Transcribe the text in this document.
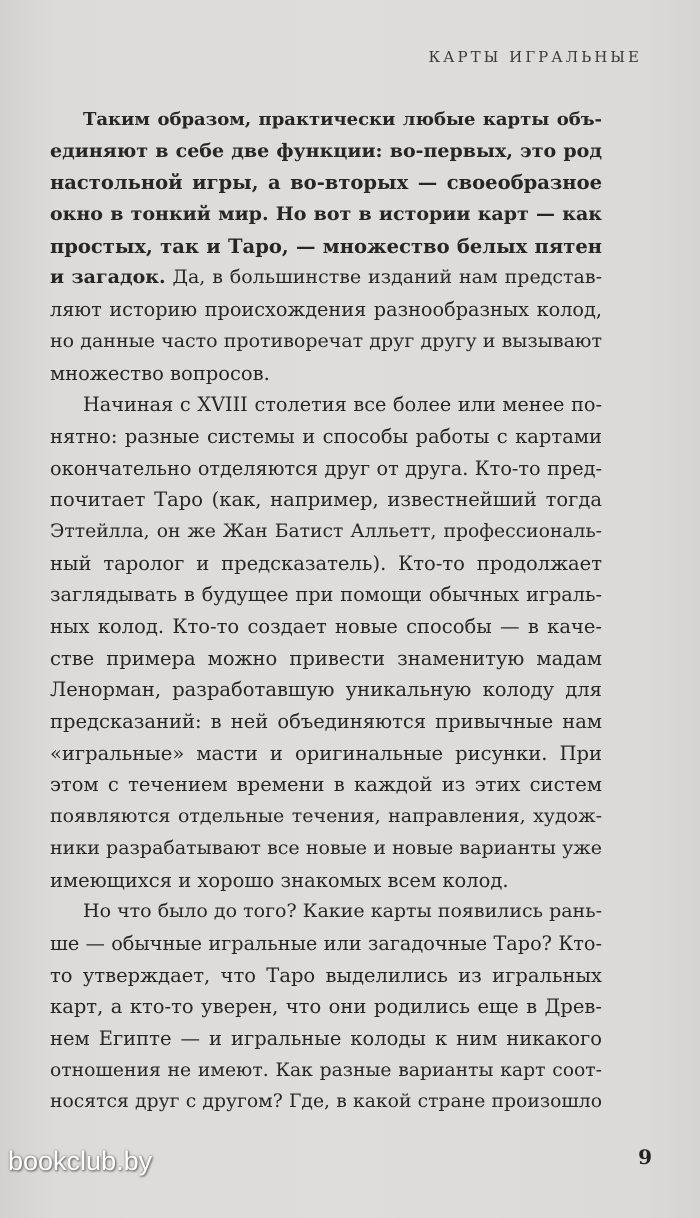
КАРТЫ ИГРАЛЬНЫЕ
Таким образом, практически любые карты объ-
единяют в себе две функции: во-первых, это род
настольной игры, а во-вторых — своеобразное
окно в тонкий мир. Но вот в истории карт — как
простых, так и Таро, — множество белых пятен
и загадок. Да, в большинстве изданий нам представ-
ляют историю происхождения разнообразных колод,
но данные часто противоречат друг другу и вызывают
множество вопросов.
Начиная с XVIII столетия все более или менее по-
нятно: разные системы и способы работы с картами
окончательно отделяются друг от друга. Кто-то пред-
почитает Таро (как, например, известнейший тогда
Эттейлла, он же Жан Батист Алльетт, профессиональ-
ный таролог и предсказатель). Кто-то продолжает
заглядывать в будущее при помощи обычных играль-
ных колод. Кто-то создает новые способы — в каче-
стве примера можно привести знаменитую мадам
Ленорман, разработавшую уникальную колоду для
предсказаний: в ней объединяются привычные нам
«игральные» масти и оригинальные рисунки. При
этом с течением времени в каждой из этих систем
появляются отдельные течения, направления, худож-
ники разрабатывают все новые и новые варианты уже
имеющихся и хорошо знакомых всем колод.
Но что было до того? Какие карты появились рань-
ше — обычные игральные или загадочные Таро? Кто-
то утверждает, что Таро выделились из игральных
карт, а кто-то уверен, что они родились еще в Древ-
нем Египте — и игральные колоды к ним никакого
отношения не имеют. Как разные варианты карт соот-
носятся друг с другом? Где, в какой стране произошло
9
bookclub.by
